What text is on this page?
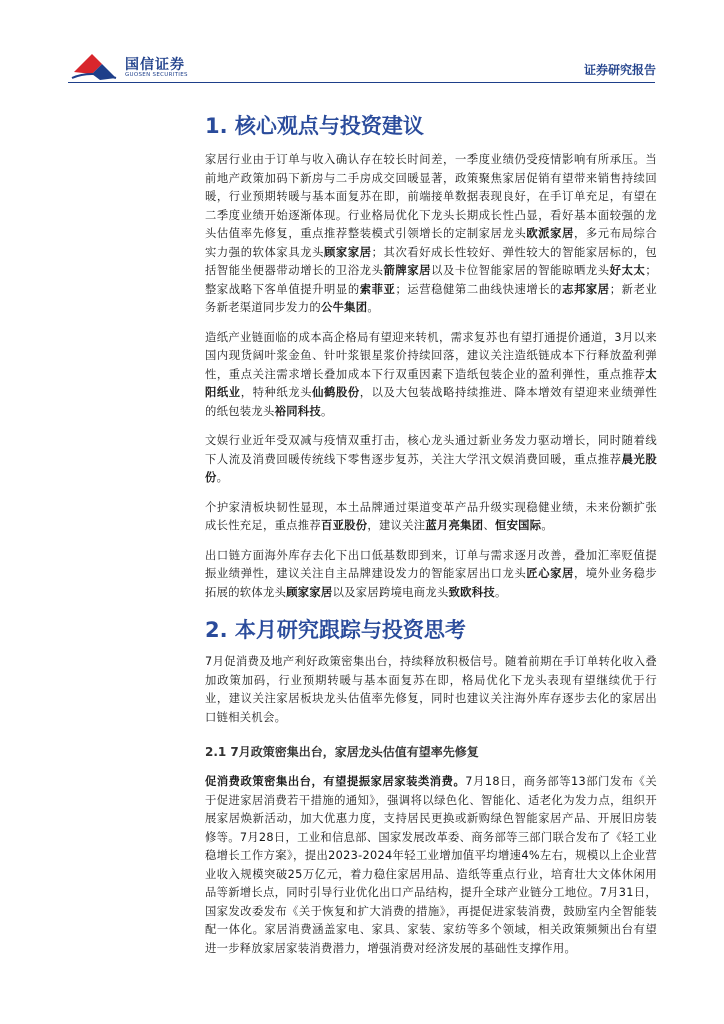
国信证券
GUOSEN SECURITIES	证券研究报告
1. 核心观点与投资建议

家居行业由于订单与收入确认存在较长时间差，一季度业绩仍受疫情影响有所承压。当前地产政策加码下新房与二手房成交回暖显著，政策聚焦家居促销有望带来销售持续回暖，行业预期转暖与基本面复苏在即，前端接单数据表现良好，在手订单充足，有望在二季度业绩开始逐渐体现。行业格局优化下龙头长期成长性凸显，看好基本面较强的龙头估值率先修复，重点推荐整装模式引领增长的定制家居龙头欧派家居，多元布局综合实力强的软体家具龙头顾家家居；其次看好成长性较好、弹性较大的智能家居标的，包括智能坐便器带动增长的卫浴龙头箭牌家居以及卡位智能家居的智能晾晒龙头好太太；整家战略下客单值提升明显的索菲亚；运营稳健第二曲线快速增长的志邦家居；新老业务新老渠道同步发力的公牛集团。

造纸产业链面临的成本高企格局有望迎来转机，需求复苏也有望打通提价通道，3月以来国内现货阔叶浆金鱼、针叶浆银星浆价持续回落，建议关注造纸链成本下行释放盈利弹性，重点关注需求增长叠加成本下行双重因素下造纸包装企业的盈利弹性，重点推荐太阳纸业，特种纸龙头仙鹤股份，以及大包装战略持续推进、降本增效有望迎来业绩弹性的纸包装龙头裕同科技。

文娱行业近年受双减与疫情双重打击，核心龙头通过新业务发力驱动增长，同时随着线下人流及消费回暖传统线下零售逐步复苏，关注大学汛文娱消费回暖，重点推荐晨光股份。

个护家清板块韧性显现，本土品牌通过渠道变革产品升级实现稳健业绩，未来份额扩张成长性充足，重点推荐百亚股份，建议关注蓝月亮集团、恒安国际。

出口链方面海外库存去化下出口低基数即到来，订单与需求逐月改善，叠加汇率贬值提振业绩弹性，建议关注自主品牌建设发力的智能家居出口龙头匠心家居，境外业务稳步拓展的软体龙头顾家家居以及家居跨境电商龙头致欧科技。

2. 本月研究跟踪与投资思考

7月促消费及地产利好政策密集出台，持续释放积极信号。随着前期在手订单转化收入叠加政策加码，行业预期转暖与基本面复苏在即，格局优化下龙头表现有望继续优于行业，建议关注家居板块龙头估值率先修复，同时也建议关注海外库存逐步去化的家居出口链相关机会。

2.1 7月政策密集出台，家居龙头估值有望率先修复

促消费政策密集出台，有望提振家居家装类消费。7月18日，商务部等13部门发布《关于促进家居消费若干措施的通知》，强调将以绿色化、智能化、适老化为发力点，组织开展家居焕新活动，加大优惠力度，支持居民更换或新购绿色智能家居产品、开展旧房装修等。7月28日，工业和信息部、国家发展改革委、商务部等三部门联合发布了《轻工业稳增长工作方案》，提出2023-2024年轻工业增加值平均增速4%左右，规模以上企业营业收入规模突破25万亿元，着力稳住家居用品、造纸等重点行业，培育壮大文体休闲用品等新增长点，同时引导行业优化出口产品结构，提升全球产业链分工地位。7月31日，国家发改委发布《关于恢复和扩大消费的措施》，再提促进家装消费，鼓励室内全智能装配一体化。家居消费涵盖家电、家具、家装、家纺等多个领域，相关政策频频出台有望进一步释放家居家装消费潜力，增强消费对经济发展的基础性支撑作用。
